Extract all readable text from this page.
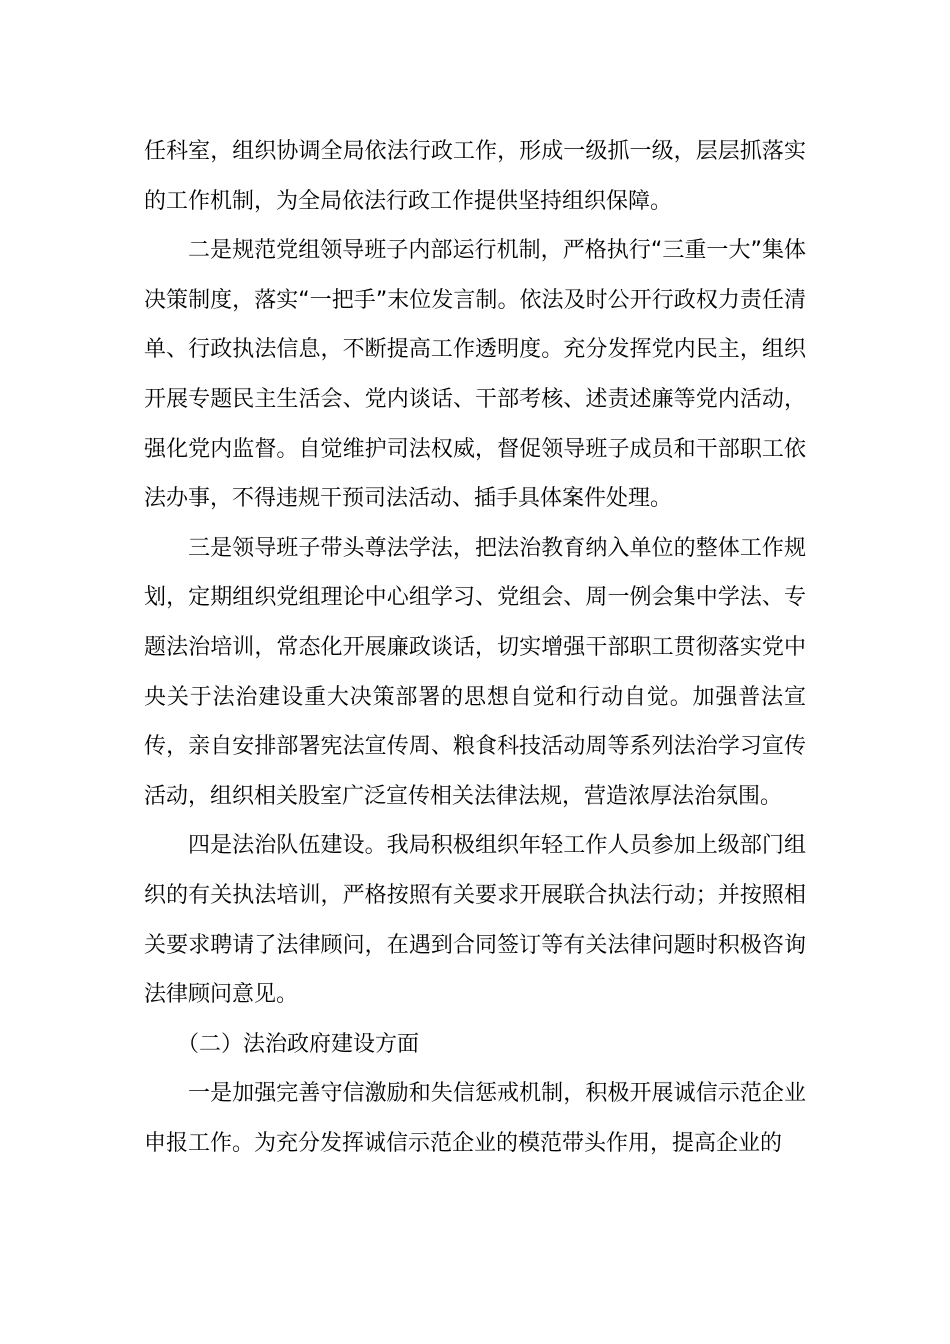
任科室，组织协调全局依法行政工作，形成一级抓一级，层层抓落实的工作机制，为全局依法行政工作提供坚持组织保障。

二是规范党组领导班子内部运行机制，严格执行“三重一大”集体决策制度，落实“一把手”末位发言制。依法及时公开行政权力责任清单、行政执法信息，不断提高工作透明度。充分发挥党内民主，组织开展专题民主生活会、党内谈话、干部考核、述责述廉等党内活动，强化党内监督。自觉维护司法权威，督促领导班子成员和干部职工依法办事，不得违规干预司法活动、插手具体案件处理。

三是领导班子带头尊法学法，把法治教育纳入单位的整体工作规划，定期组织党组理论中心组学习、党组会、周一例会集中学法、专题法治培训，常态化开展廉政谈话，切实增强干部职工贯彻落实党中央关于法治建设重大决策部署的思想自觉和行动自觉。加强普法宣传，亲自安排部署宪法宣传周、粮食科技活动周等系列法治学习宣传活动，组织相关股室广泛宣传相关法律法规，营造浓厚法治氛围。

四是法治队伍建设。我局积极组织年轻工作人员参加上级部门组织的有关执法培训，严格按照有关要求开展联合执法行动；并按照相关要求聘请了法律顾问，在遇到合同签订等有关法律问题时积极咨询法律顾问意见。

（二）法治政府建设方面

一是加强完善守信激励和失信惩戒机制，积极开展诚信示范企业申报工作。为充分发挥诚信示范企业的模范带头作用，提高企业的
